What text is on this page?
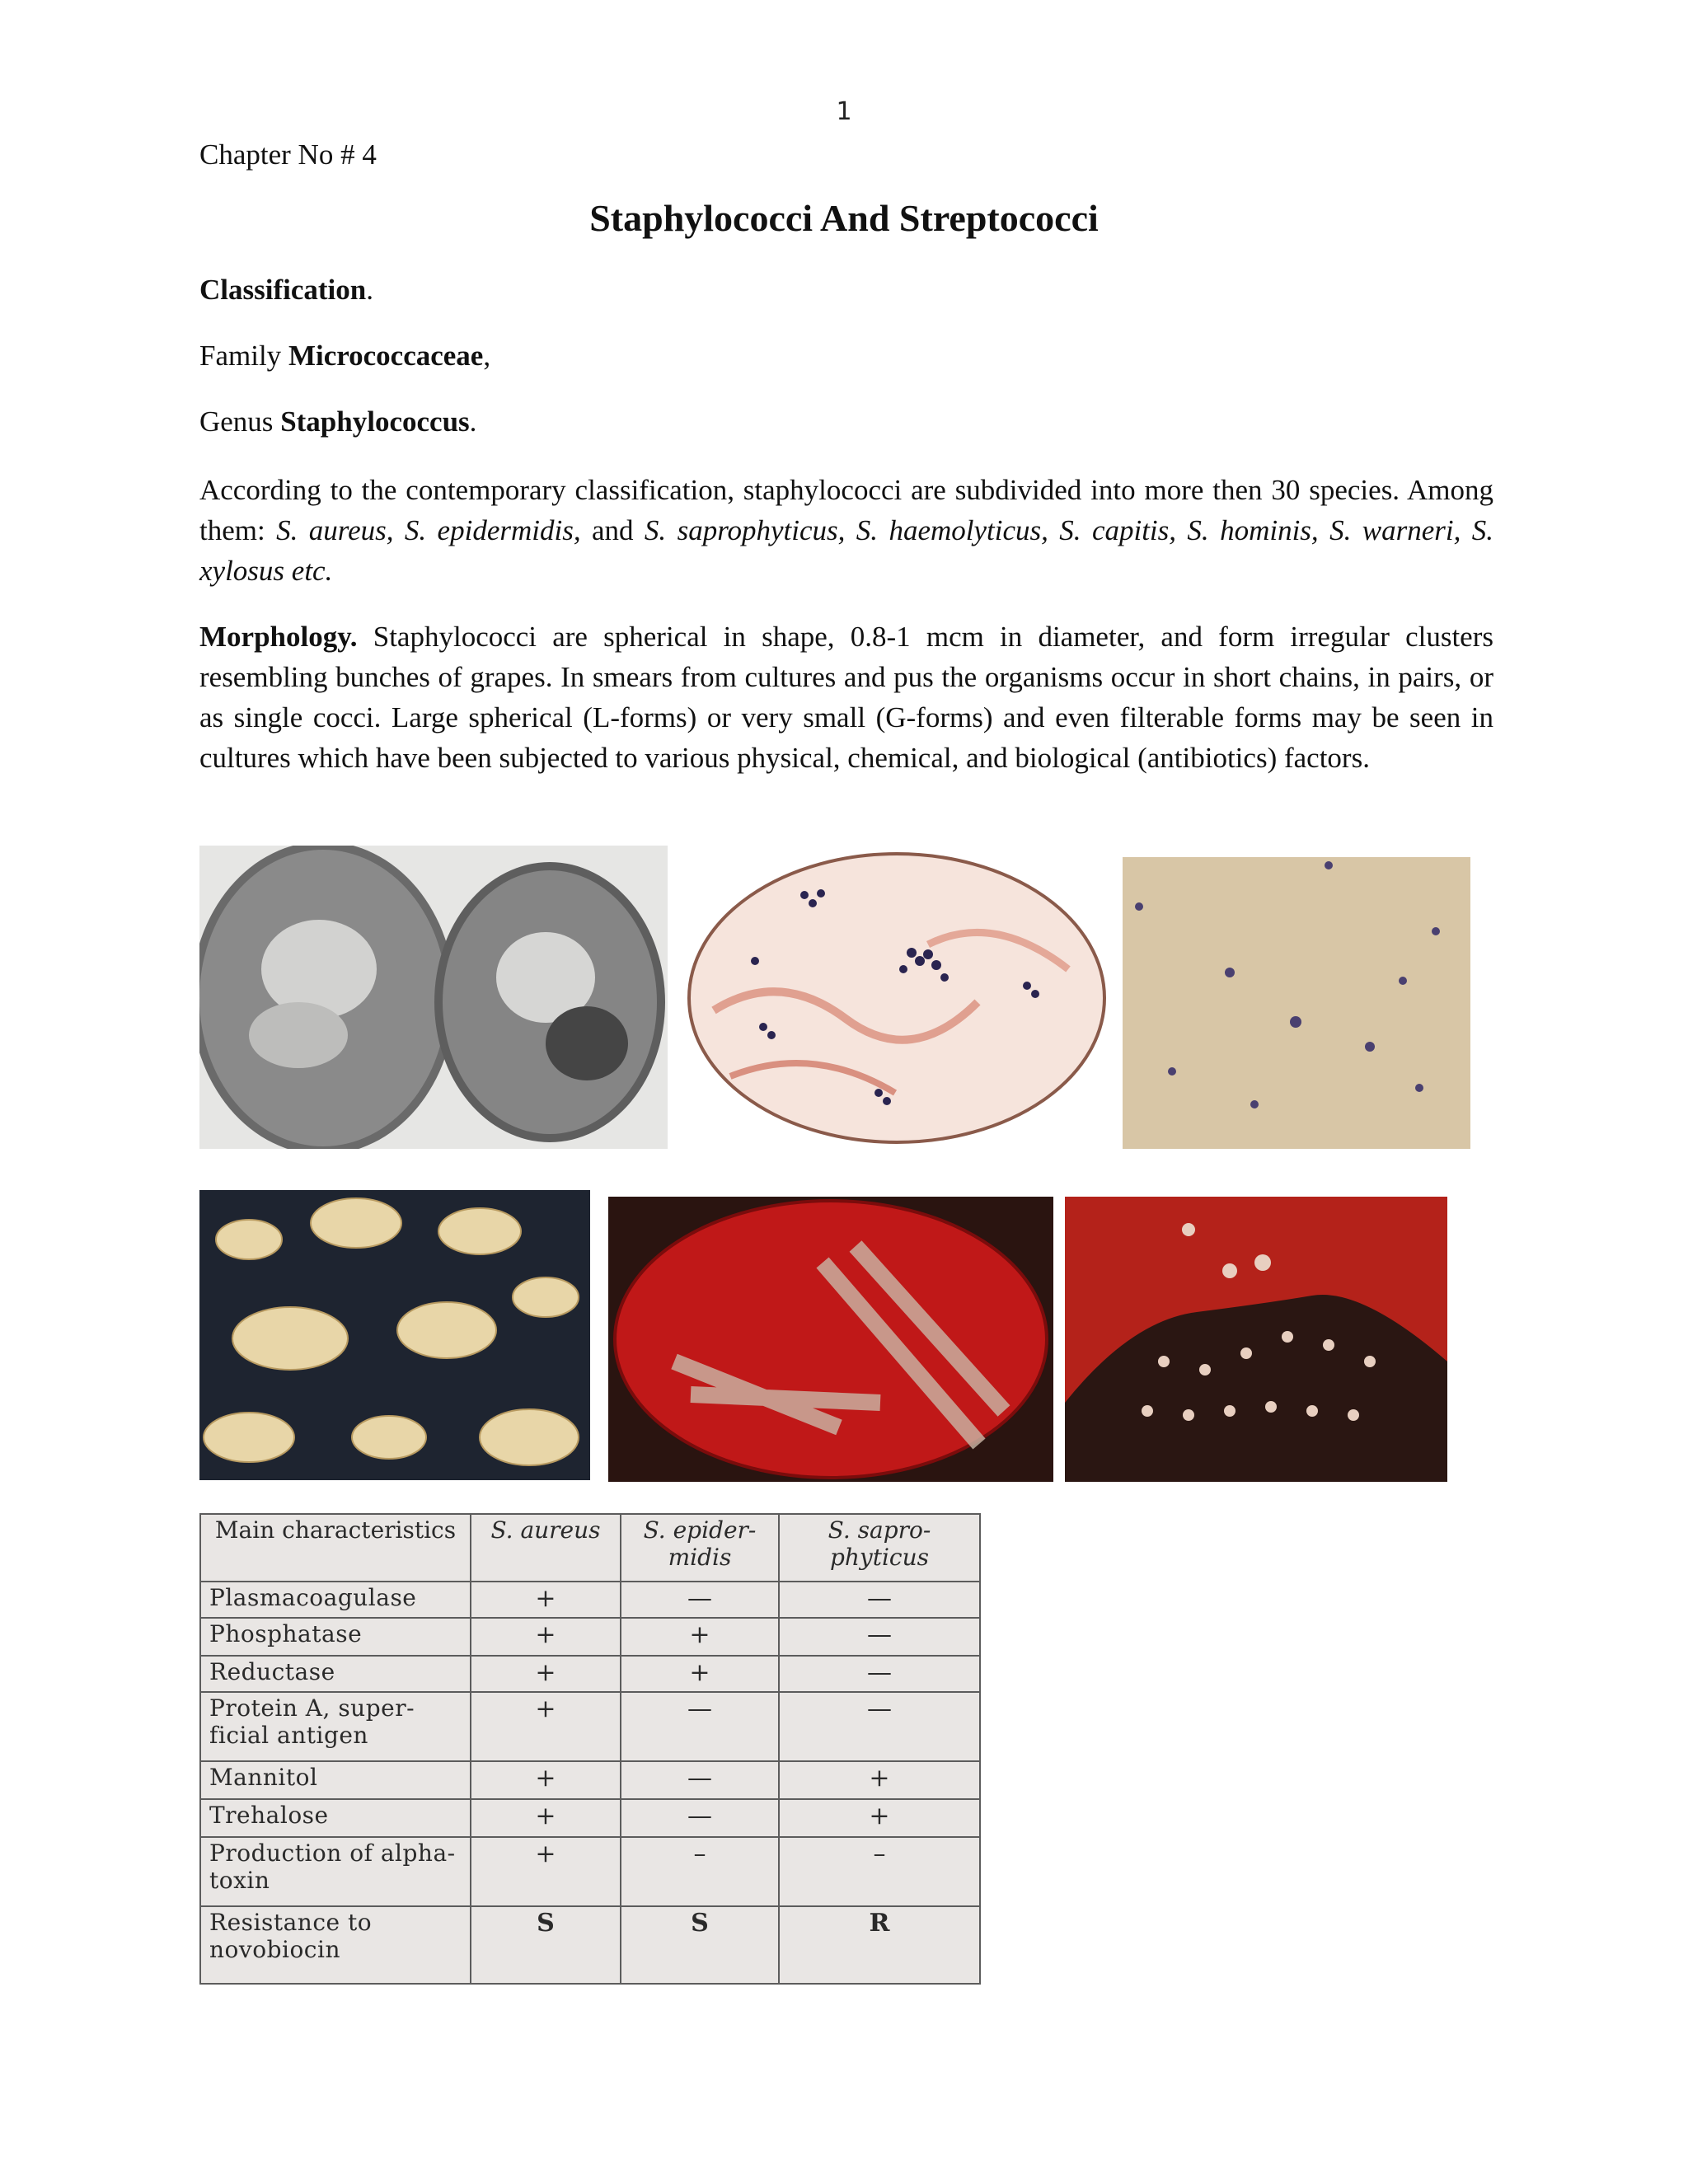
1
Chapter No # 4
Staphylococci And Streptococci
Classification.
Family Micrococcaceae,
Genus Staphylococcus.
According to the contemporary classification, staphylococci are subdivided into more then 30 species. Among them: S. aureus, S. epidermidis, and S. saprophyticus, S. haemolyticus, S. capitis, S. hominis, S. warneri, S. xylosus etc.
Morphology. Staphylococci are spherical in shape, 0.8-1 mcm in diameter, and form irregular clusters resembling bunches of grapes. In smears from cultures and pus the organisms occur in short chains, in pairs, or as single cocci. Large spherical (L-forms) or very small (G-forms) and even filterable forms may be seen in cultures which have been subjected to various physical, chemical, and biological (antibiotics) factors.
Main characteristics	S. aureus	S. epider-midis	S. sapro-phyticus
Plasmacoagulase	+	—	—
Phosphatase	+	+	—
Reductase	+	+	—
Protein A, super-ficial antigen	+	—	—
Mannitol	+	—	+
Trehalose	+	—	+
Production of alpha-toxin	+	–	–
Resistance to novobiocin	S	S	R
